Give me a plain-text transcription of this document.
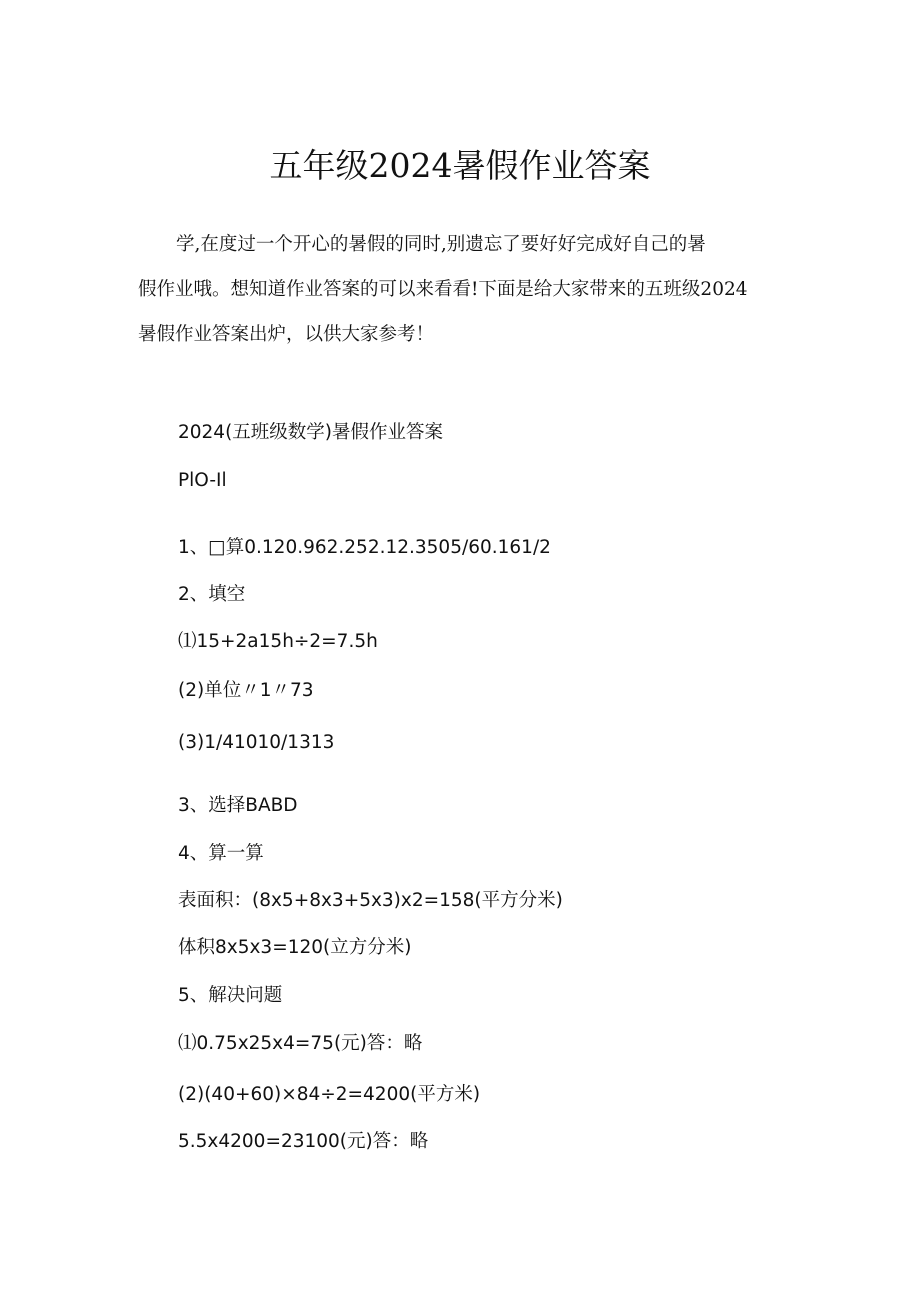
五年级2024暑假作业答案
学,在度过一个开心的暑假的同时,别遗忘了要好好完成好自己的暑
假作业哦。想知道作业答案的可以来看看!下面是给大家带来的五班级2024
暑假作业答案出炉，以供大家参考！
2024(五班级数学)暑假作业答案
PlO-Il
1、□算0.120.962.252.12.3505/60.161/2
2、填空
⑴15+2a15h÷2=7.5h
(2)单位〃1〃73
(3)1/41010/1313
3、选择BABD
4、算一算
表面积：(8x5+8x3+5x3)x2=158(平方分米)
体积8x5x3=120(立方分米)
5、解决问题
⑴0.75x25x4=75(元)答：略
(2)(40+60)×84÷2=4200(平方米)
5.5x4200=23100(元)答：略
